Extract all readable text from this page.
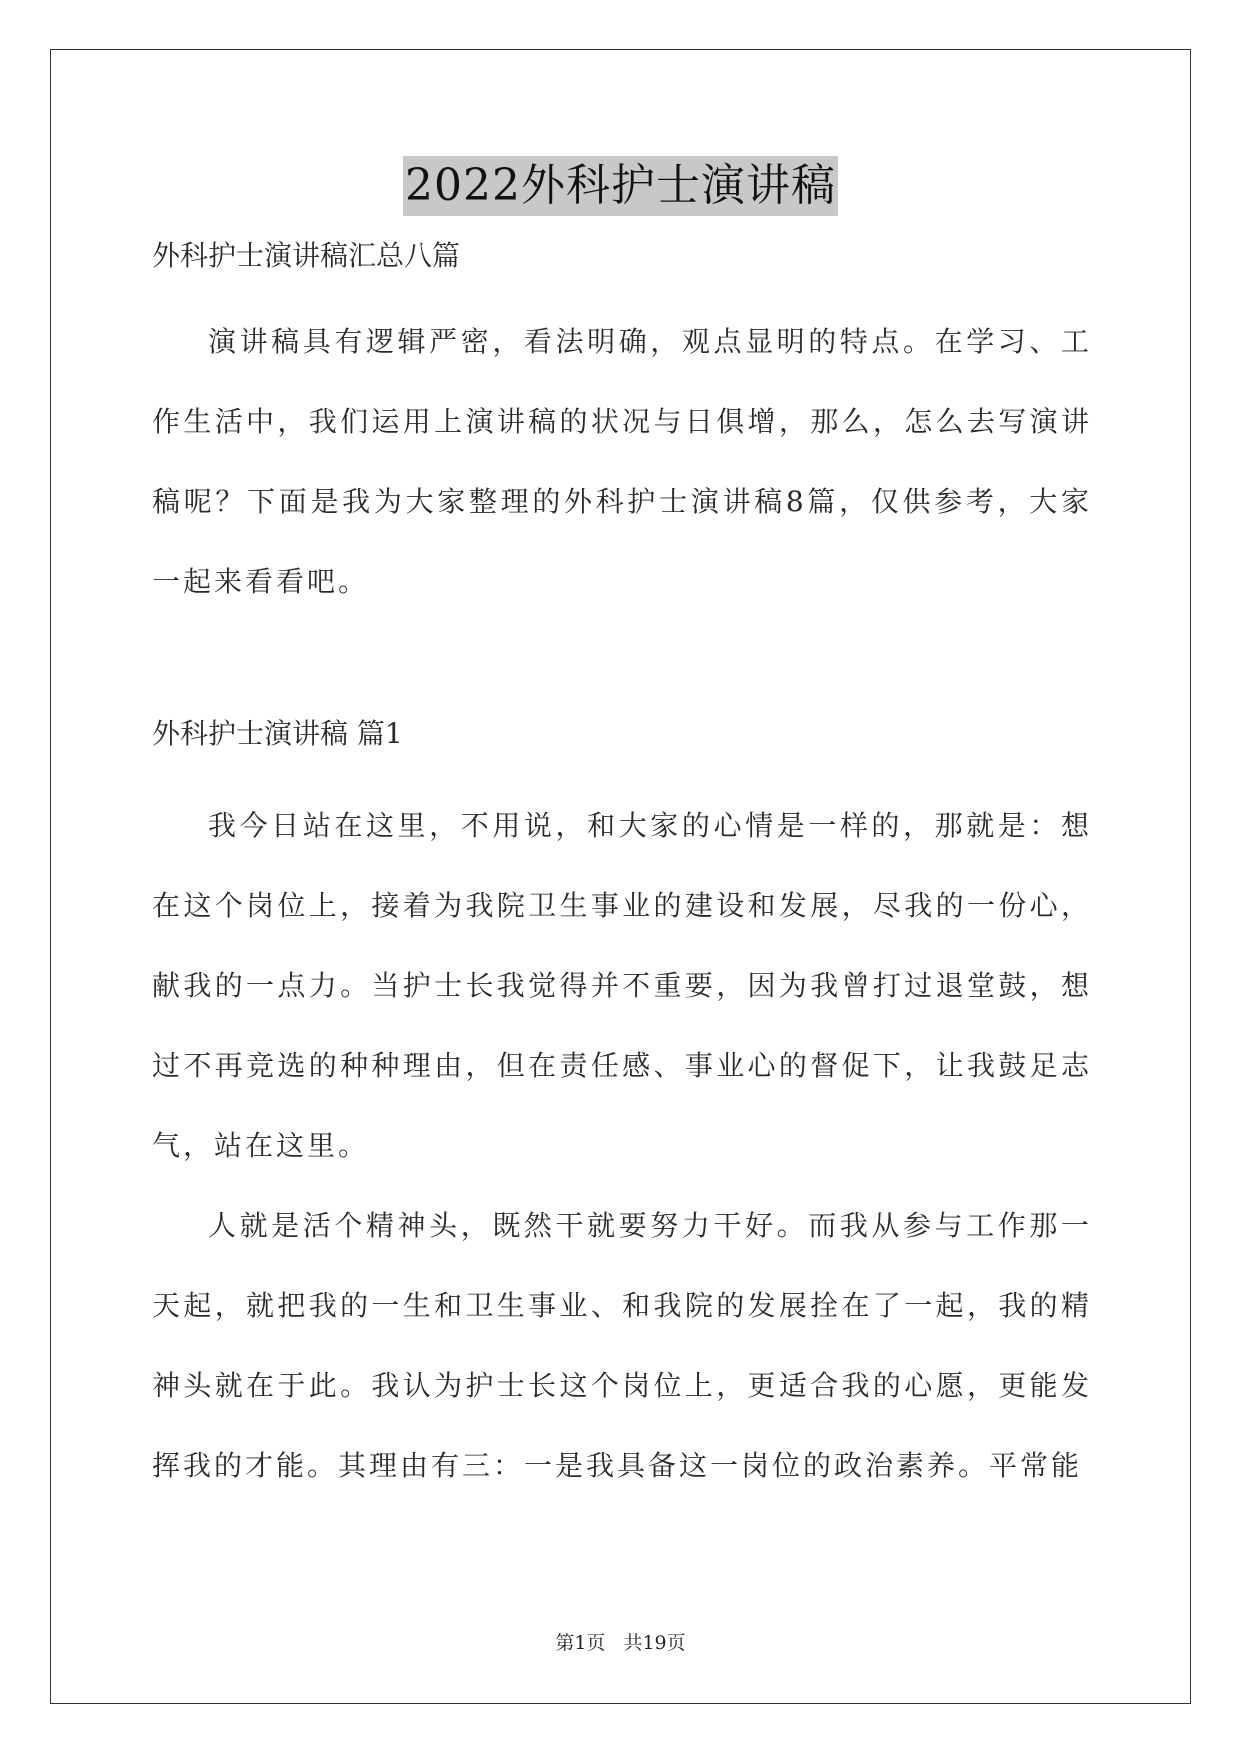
2022外科护士演讲稿

外科护士演讲稿汇总八篇

演讲稿具有逻辑严密，看法明确，观点显明的特点。在学习、工作生活中，我们运用上演讲稿的状况与日俱增，那么，怎么去写演讲稿呢？下面是我为大家整理的外科护士演讲稿8篇，仅供参考，大家一起来看看吧。

外科护士演讲稿 篇1

我今日站在这里，不用说，和大家的心情是一样的，那就是：想在这个岗位上，接着为我院卫生事业的建设和发展，尽我的一份心，献我的一点力。当护士长我觉得并不重要，因为我曾打过退堂鼓，想过不再竞选的种种理由，但在责任感、事业心的督促下，让我鼓足志气，站在这里。

人就是活个精神头，既然干就要努力干好。而我从参与工作那一天起，就把我的一生和卫生事业、和我院的发展拴在了一起，我的精神头就在于此。我认为护士长这个岗位上，更适合我的心愿，更能发挥我的才能。其理由有三：一是我具备这一岗位的政治素养。平常能

第1页 共19页
